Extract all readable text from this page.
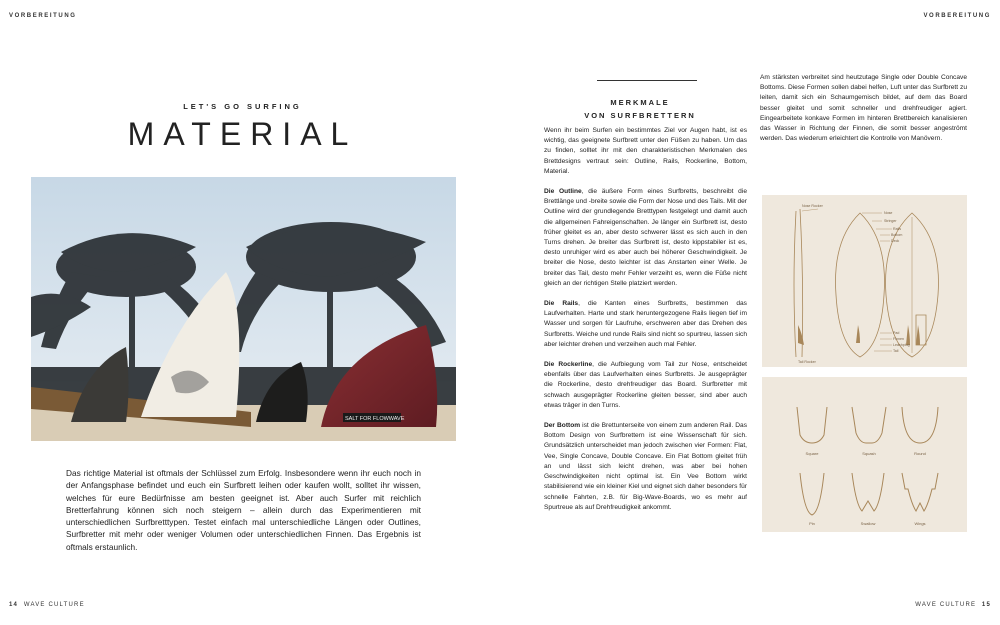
VORBEREITUNG	VORBEREITUNG
LET'S GO SURFING
MATERIAL
SALT FOR FLOWWAVE

Das richtige Material ist oftmals der Schlüssel zum Erfolg. Insbesondere wenn ihr euch noch in der Anfangsphase befindet und euch ein Surfbrett leihen oder kaufen wollt, solltet ihr wissen, welches für eure Bedürfnisse am besten geeignet ist. Aber auch Surfer mit reichlich Bretterfahrung können sich noch steigern – allein durch das Experimentieren mit unterschiedlichen Surfbretttypen. Testet einfach mal unterschiedliche Längen oder Outlines, Surfbretter mit mehr oder weniger Volumen oder unterschiedlichen Finnen. Das Ergebnis ist oftmals erstaunlich.

14 WAVE CULTURE
MERKMALE
VON SURFBRETTERN

Wenn ihr beim Surfen ein bestimmtes Ziel vor Augen habt, ist es wichtig, das geeignete Surfbrett unter den Füßen zu haben. Um das zu finden, solltet ihr mit den charakteristischen Merkmalen des Brettdesigns vertraut sein: Outline, Rails, Rockerline, Bottom, Material.

Die Outline, die äußere Form eines Surfbretts, beschreibt die Brettlänge und -breite sowie die Form der Nose und des Tails. Mit der Outline wird der grundlegende Bretttypen festgelegt und damit auch die allgemeinen Fahreigenschaften. Je länger ein Surfbrett ist, desto früher gleitet es an, aber desto schwerer lässt es sich auch in den Turns drehen. Je breiter das Surfbrett ist, desto kippstabiler ist es, desto unruhiger wird es aber auch bei höherer Geschwindigkeit. Je breiter die Nose, desto leichter ist das Anstarten einer Welle. Je breiter das Tail, desto mehr Fehler verzeiht es, wenn die Füße nicht gleich an der richtigen Stelle platziert werden.

Die Rails, die Kanten eines Surfbretts, bestimmen das Laufverhalten. Harte und stark heruntergezogene Rails liegen tief im Wasser und sorgen für Laufruhe, erschweren aber das Drehen des Surfbretts. Weiche und runde Rails sind nicht so spurtreu, lassen sich aber leichter drehen und verzeihen auch mal Fehler.

Die Rockerline, die Aufbiegung vom Tail zur Nose, entscheidet ebenfalls über das Laufverhalten eines Surfbretts. Je ausgeprägter die Rockerline, desto drehfreudiger das Board. Surfbretter mit schwach ausgeprägter Rockerline gleiten besser, sind aber auch etwas träger in den Turns.

Der Bottom ist die Brettunterseite von einem zum anderen Rail. Das Bottom Design von Surfbrettern ist eine Wissenschaft für sich. Grundsätzlich unterscheidet man jedoch zwischen vier Formen: Flat, Vee, Single Concave, Double Concave. Ein Flat Bottom gleitet früh an und lässt sich leicht drehen, was aber bei hohen Geschwindigkeiten nicht optimal ist. Ein Vee Bottom wirkt stabilisierend wie ein kleiner Kiel und eignet sich daher besonders für schnelle Fahrten, z.B. für Big-Wave-Boards, wo es mehr auf Spurtreue als auf Drehfreudigkeit ankommt.

Am stärksten verbreitet sind heutzutage Single oder Double Concave Bottoms. Diese Formen sollen dabei helfen, Luft unter das Surfbrett zu leiten, damit sich ein Schaumgemisch bildet, auf dem das Board besser gleitet und somit schneller und drehfreudiger agiert. Eingearbeitete konkave Formen im hinteren Brettbereich kanalisieren das Wasser in Richtung der Finnen, die somit besser angeströmt werden. Das wiederum erleichtert die Kontrolle von Manövern.

Nose Rocker
Tail Rocker
Nose
Stringer
Rails
Bottom
Deck
Pad
Finnen
Leashplug
Tail
Square	Squash	Round
Pin	Swallow	Wings
WAVE CULTURE 15
